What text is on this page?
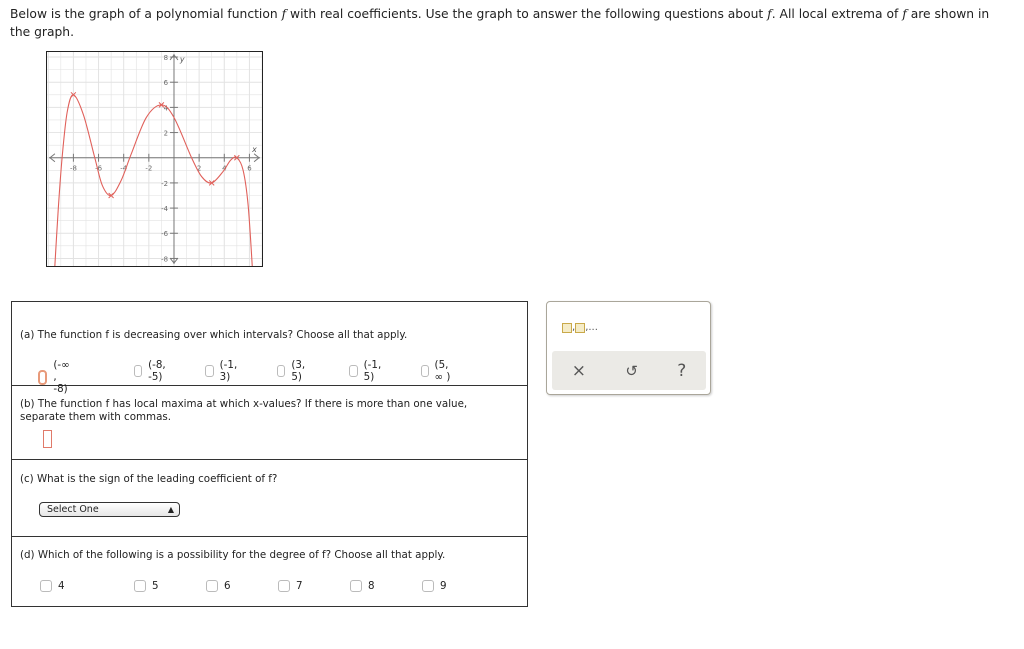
Below is the graph of a polynomial function f with real coefficients. Use the graph to answer the following questions about f. All local extrema of f are shown in the graph.
-8	-6	-4	-2	2	4	6
8
6
4
2
-2
-4
-6
-8
x
y
(a) The function f is decreasing over which intervals? Choose all that apply.
(-∞ , -8)
(-8, -5)
(-1, 3)
(3, 5)
(-1, 5)
(5, ∞ )
(b) The function f has local maxima at which x-values? If there is more than one value, separate them with commas.
(c) What is the sign of the leading coefficient of f?
Select One	▲

(d) Which of the following is a possibility for the degree of f? Choose all that apply.
4	5	6	7	8	9
, ,...
×	↺ ?
